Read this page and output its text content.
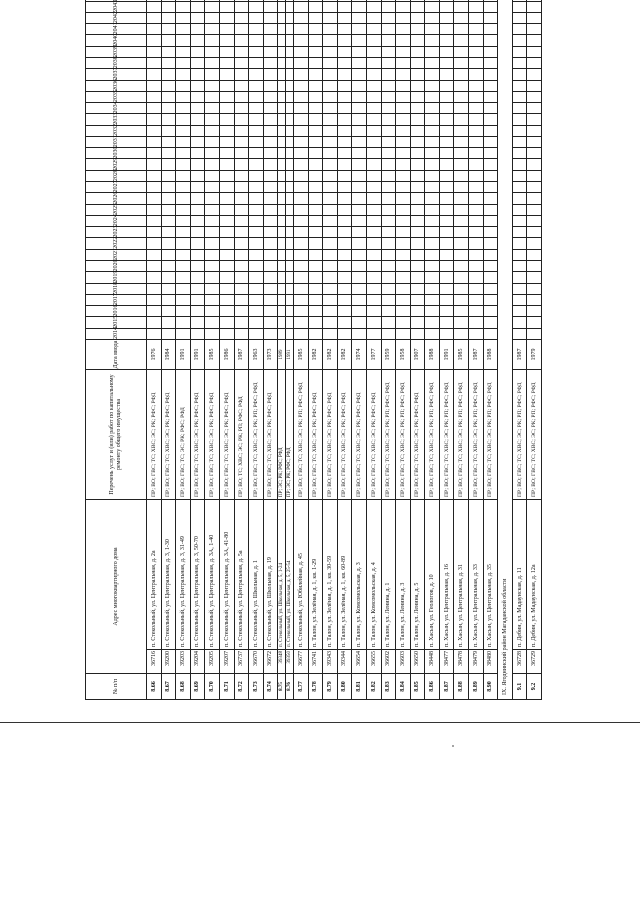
№ п/п	Адрес многоквартирного дома		Перечень услуг и (или) работ по капитальному ремонту общего имущества	Дата ввода	2014	2015	2016	2017	2018	2019	2020	2021	2022	2023	2024	2025	2026	2027	2028	2029	2030	2031	2032	2033	2034	2035	2036	2037	2038	2039	2040	2041	2042	2043	
8.66	36716	п. Стекольный, ул. Центральная, д. 2а	ПР; ВО; ГВС; ТС; ХВС; ЭС; РК; РФС; РФД	1976																															
8.67	39200	п. Стекольный, ул. Центральная, д. 3, 1-30	ПР; ВО; ГВС; ТС; ХВС; ЭС; РК; РФС; РФД	1984																															
8.68	39203	п. Стекольный, ул. Центральная, д. 3, 31-49	ПР; ВО; ГВС; ТС; ЭС; РК; РФС; РФД	1991																															
8.69	39204	п. Стекольный, ул. Центральная, д. 3, 50-70	ПР; ВО; ГВС; ТС; ХВС; ЭС; РК; РФС; РФД	1991																															
8.70	39205	п. Стекольный, ул. Центральная, д. 3А, 1-40	ПР; ВО; ГВС; ТС; ХВС; ЭС; РК; РФС; РФД	1985																															
8.71	39207	п. Стекольный, ул. Центральная, д. 3А, 41-80	ПР; ВО; ГВС; ТС; ХВС; ЭС; РК; РФС; РФД	1986																															
8.72	36737	п. Стекольный, ул. Центральная, д. 5а	ПР; ВО; ТС; ХВС; ЭС; РК; РП; РФС; РФД	1987																															
8.73	36670	п. Стекольный, ул. Школьная, д. 1	ПР; ВО; ГВС; ТС; ХВС; ЭС; РК; РП; РФС; РФД	1963																															
8.74	36672	п. Стекольный, ул. Школьная, д. 19	ПР; ВО; ГВС; ТС; ХВС; ЭС; РК; РФС; РФД	1973																															
8.75	39348	п. Стекольный, ул. Школьная, д. 5, 1-24	ПР; ЭС; РК; РФС; РФД	1989																															
8.76	39350	п. Стекольный, ул. Школьная, д. 5, 25-54	ПР; ЭС; РК; РФС; РФД	1991																															
8.77	36677	п. Стекольный, ул. Юбилейная, д. 45	ПР; ВО; ГВС; ТС; ХВС; ЭС; РК; РП; РФС; РФД	1985																															
8.78	36741	п. Талон, ул. Зелёная, д. 1, кв. 1-29	ПР; ВО; ГВС; ТС; ХВС; ЭС; РК; РФС; РФД	1982																															
8.79	39343	п. Талон, ул. Зелёная, д. 1, кв. 30-59	ПР; ВО; ГВС; ТС; ХВС; ЭС; РК; РФС; РФД	1982																															
8.80	39344	п. Талон, ул. Зелёная, д. 1, кв. 60-89	ПР; ВО; ГВС; ТС; ХВС; ЭС; РК; РФС; РФД	1982																															
8.81	36654	п. Талон, ул. Комсомольская, д. 3	ПР; ВО; ГВС; ТС; ХВС; ЭС; РК; РФС; РФД	1974																															
8.82	36655	п. Талон, ул. Комсомольская, д. 4	ПР; ВО; ГВС; ТС; ХВС; ЭС; РК; РФС; РФД	1977																															
8.83	36602	п. Талон, ул. Ленина, д. 1	ПР; ВО; ГВС; ТС; ХВС; ЭС; РК; РП; РФС; РФД	1959																															
8.84	36603	п. Талон, ул. Ленина, д. 3	ПР; ВО; ГВС; ТС; ХВС; ЭС; РК; РП; РФС; РФД	1958																															
8.85	36650	п. Талон, ул. Ленина, д. 5	ПР; ВО; ГВС; ТС; ХВС; ЭС; РК; РФС; РФД	1907																															
8.86	38448	п. Хасын, ул. Геологов, д. 10	ПР; ВО; ГВС; ТС; ХВС; ЭС; РК; РП; РФС; РФД	1988																															
8.87	38477	п. Хасын, ул. Центральная, д. 16	ПР; ВО; ГВС; ТС; ХВС; ЭС; РК; РП; РФС; РФД	1991																															
8.88	38478	п. Хасын, ул. Центральная, д. 31	ПР; ВО; ГВС; ТС; ХВС; ЭС; РК; РП; РФС; РФД	1985																															
8.89	38479	п. Хасын, ул. Центральная, д. 33	ПР; ВО; ГВС; ТС; ХВС; ЭС; РК; РП; РФС; РФД	1987																															
8.90	38480	п. Хасын, ул. Центральная, д. 35	ПР; ВО; ГВС; ТС; ХВС; ЭС; РК; РП; РФС; РФД	1988																															
IX. Ягоднинский район Магаданской области																																			
9.1	36728	п. Дебин, ул. Мадаунская, д. 11	ПР; ВО; ГВС; ТС; ХВС; ЭС; РК; РП; РФС; РФД	1987																															
9.2	36729	п. Дебин, ул. Мадаунская, д. 12а	ПР; ВО; ГВС; ТС; ХВС; ЭС; РК; РП; РФС; РФД	1979																															
